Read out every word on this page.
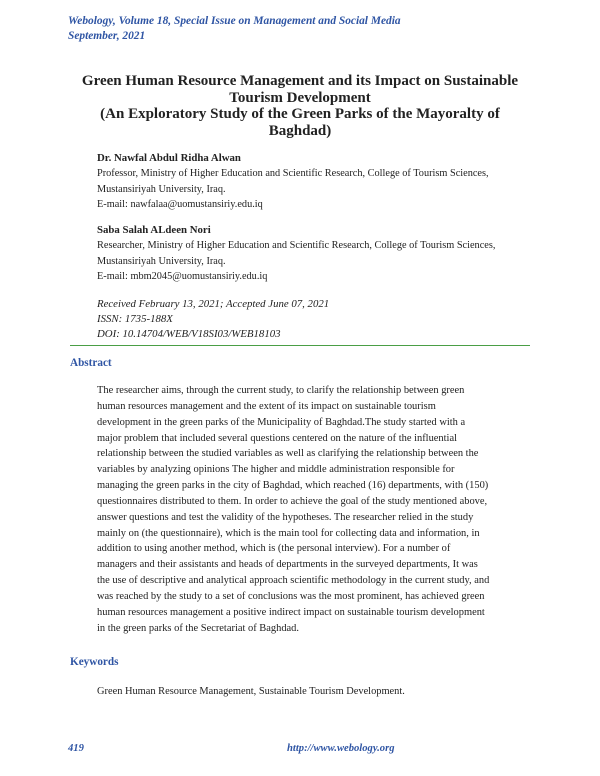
Webology, Volume 18, Special Issue on Management and Social Media
September, 2021
Green Human Resource Management and its Impact on Sustainable
Tourism Development
(An Exploratory Study of the Green Parks of the Mayoralty of
Baghdad)
Dr. Nawfal Abdul Ridha Alwan
Professor, Ministry of Higher Education and Scientific Research, College of Tourism Sciences,
Mustansiriyah University, Iraq.
E-mail: nawfalaa@uomustansiriy.edu.iq
Saba Salah ALdeen Nori
Researcher, Ministry of Higher Education and Scientific Research, College of Tourism Sciences,
Mustansiriyah University, Iraq.
E-mail: mbm2045@uomustansiriy.edu.iq
Received February 13, 2021; Accepted June 07, 2021
ISSN: 1735-188X
DOI: 10.14704/WEB/V18SI03/WEB18103
Abstract
The researcher aims, through the current study, to clarify the relationship between green
human resources management and the extent of its impact on sustainable tourism
development in the green parks of the Municipality of Baghdad.The study started with a
major problem that included several questions centered on the nature of the influential
relationship between the studied variables as well as clarifying the relationship between the
variables by analyzing opinions The higher and middle administration responsible for
managing the green parks in the city of Baghdad, which reached (16) departments, with (150)
questionnaires distributed to them. In order to achieve the goal of the study mentioned above,
answer questions and test the validity of the hypotheses. The researcher relied in the study
mainly on (the questionnaire), which is the main tool for collecting data and information, in
addition to using another method, which is (the personal interview). For a number of
managers and their assistants and heads of departments in the surveyed departments, It was
the use of descriptive and analytical approach scientific methodology in the current study, and
was reached by the study to a set of conclusions was the most prominent, has achieved green
human resources management a positive indirect impact on sustainable tourism development
in the green parks of the Secretariat of Baghdad.
Keywords
Green Human Resource Management, Sustainable Tourism Development.
419	http://www.webology.org
